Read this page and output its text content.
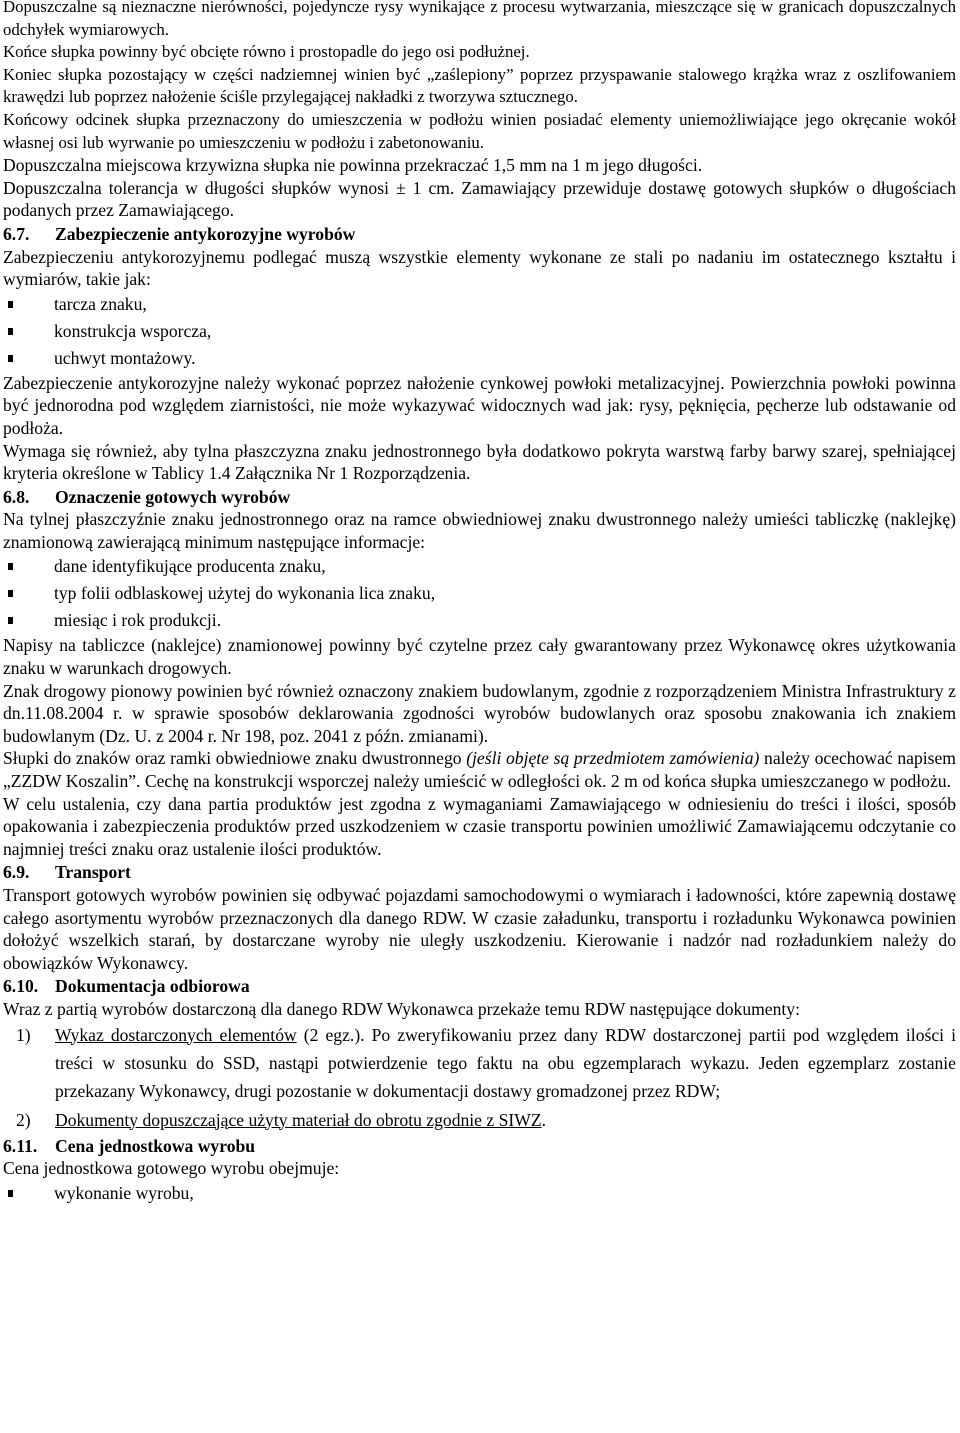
Dopuszczalne są nieznaczne nierówności, pojedyncze rysy wynikające z procesu wytwarzania, mieszczące się w granicach dopuszczalnych odchyłek wymiarowych.

Końce słupka powinny być obcięte równo i prostopadle do jego osi podłużnej.

Koniec słupka pozostający w części nadziemnej winien być „zaślepiony” poprzez przyspawanie stalowego krążka wraz z oszlifowaniem krawędzi lub poprzez nałożenie ściśle przylegającej nakładki z tworzywa sztucznego.

Końcowy odcinek słupka przeznaczony do umieszczenia w podłożu winien posiadać elementy uniemożliwiające jego okręcanie wokół własnej osi lub wyrwanie po umieszczeniu w podłożu i zabetonowaniu.

Dopuszczalna miejscowa krzywizna słupka nie powinna przekraczać 1,5 mm na 1 m jego długości.

Dopuszczalna tolerancja w długości słupków wynosi ± 1 cm. Zamawiający przewiduje dostawę gotowych słupków o długościach podanych przez Zamawiającego.

6.7. Zabezpieczenie antykorozyjne wyrobów

Zabezpieczeniu antykorozyjnemu podlegać muszą wszystkie elementy wykonane ze stali po nadaniu im ostatecznego kształtu i wymiarów, takie jak:

tarcza znaku,
konstrukcja wsporcza,
uchwyt montażowy.

Zabezpieczenie antykorozyjne należy wykonać poprzez nałożenie cynkowej powłoki metalizacyjnej. Powierzchnia powłoki powinna być jednorodna pod względem ziarnistości, nie może wykazywać widocznych wad jak: rysy, pęknięcia, pęcherze lub odstawanie od podłoża.

Wymaga się również, aby tylna płaszczyzna znaku jednostronnego była dodatkowo pokryta warstwą farby barwy szarej, spełniającej kryteria określone w Tablicy 1.4 Załącznika Nr 1 Rozporządzenia.

6.8. Oznaczenie gotowych wyrobów

Na tylnej płaszczyźnie znaku jednostronnego oraz na ramce obwiedniowej znaku dwustronnego należy umieści tabliczkę (naklejkę) znamionową zawierającą minimum następujące informacje:

dane identyfikujące producenta znaku,
typ folii odblaskowej użytej do wykonania lica znaku,
miesiąc i rok produkcji.

Napisy na tabliczce (naklejce) znamionowej powinny być czytelne przez cały gwarantowany przez Wykonawcę okres użytkowania znaku w warunkach drogowych.

Znak drogowy pionowy powinien być również oznaczony znakiem budowlanym, zgodnie z rozporządzeniem Ministra Infrastruktury z dn.11.08.2004 r. w sprawie sposobów deklarowania zgodności wyrobów budowlanych oraz sposobu znakowania ich znakiem budowlanym (Dz. U. z 2004 r. Nr 198, poz. 2041 z późn. zmianami).

Słupki do znaków oraz ramki obwiedniowe znaku dwustronnego (jeśli objęte są przedmiotem zamówienia) należy ocechować napisem „ZZDW Koszalin”. Cechę na konstrukcji wsporczej należy umieścić w odległości ok. 2 m od końca słupka umieszczanego w podłożu.

W celu ustalenia, czy dana partia produktów jest zgodna z wymaganiami Zamawiającego w odniesieniu do treści i ilości, sposób opakowania i zabezpieczenia produktów przed uszkodzeniem w czasie transportu powinien umożliwić Zamawiającemu odczytanie co najmniej treści znaku oraz ustalenie ilości produktów.

6.9. Transport

Transport gotowych wyrobów powinien się odbywać pojazdami samochodowymi o wymiarach i ładowności, które zapewnią dostawę całego asortymentu wyrobów przeznaczonych dla danego RDW. W czasie załadunku, transportu i rozładunku Wykonawca powinien dołożyć wszelkich starań, by dostarczane wyroby nie uległy uszkodzeniu. Kierowanie i nadzór nad rozładunkiem należy do obowiązków Wykonawcy.

6.10. Dokumentacja odbiorowa

Wraz z partią wyrobów dostarczoną dla danego RDW Wykonawca przekaże temu RDW następujące dokumenty:

1) Wykaz dostarczonych elementów (2 egz.). Po zweryfikowaniu przez dany RDW dostarczonej partii pod względem ilości i treści w stosunku do SSD, nastąpi potwierdzenie tego faktu na obu egzemplarach wykazu. Jeden egzemplarz zostanie przekazany Wykonawcy, drugi pozostanie w dokumentacji dostawy gromadzonej przez RDW;
2) Dokumenty dopuszczające użyty materiał do obrotu zgodnie z SIWZ.

6.11. Cena jednostkowa wyrobu

Cena jednostkowa gotowego wyrobu obejmuje:

wykonanie wyrobu,
